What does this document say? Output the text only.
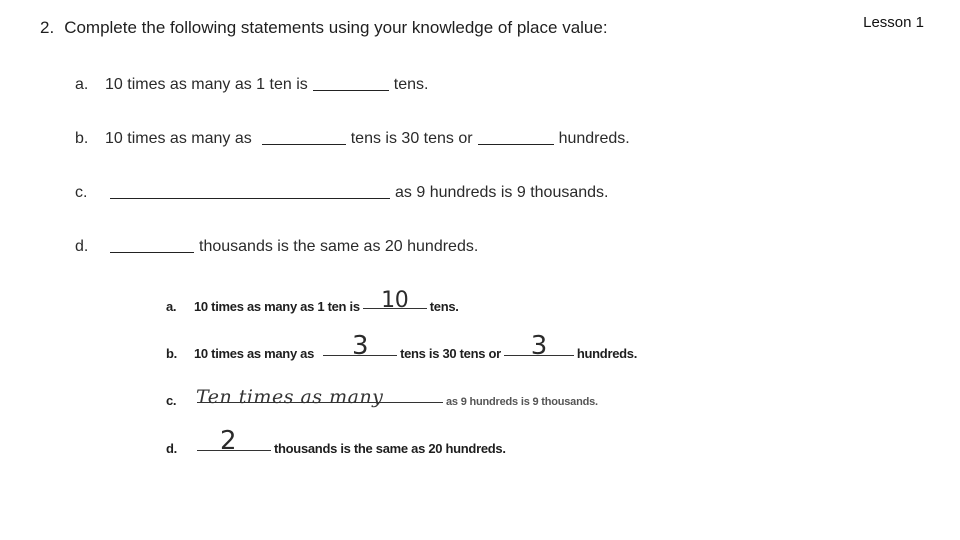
Lesson 1
2. Complete the following statements using your knowledge of place value:
a.	10 times as many as 1 ten is	tens.
b.	10 times as many as	tens is 30 tens or	hundreds.
c.	as 9 hundreds is 9 thousands.
d.	thousands is the same as 20 hundreds.
a.	10 times as many as 1 ten is 10	tens.
b.	10 times as many as	3	tens is 30 tens or	3	hundreds.
c.	Ten times as many	as 9 hundreds is 9 thousands.
d.	2	thousands is the same as 20 hundreds.
